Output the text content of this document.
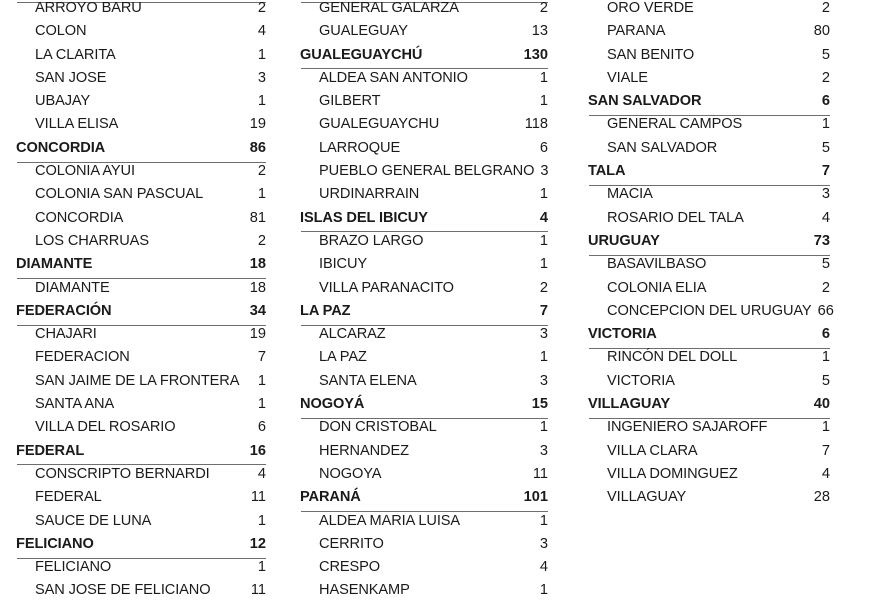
ARROYO BARU	2
COLON	4
LA CLARITA	1
SAN JOSE	3
UBAJAY	1
VILLA ELISA	19
CONCORDIA	86
COLONIA AYUI	2
COLONIA SAN PASCUAL	1
CONCORDIA	81
LOS CHARRUAS	2
DIAMANTE	18
DIAMANTE	18
FEDERACIÓN	34
CHAJARI	19
FEDERACION	7
SAN JAIME DE LA FRONTERA	1
SANTA ANA	1
VILLA DEL ROSARIO	6
FEDERAL	16
CONSCRIPTO BERNARDI	4
FEDERAL	11
SAUCE DE LUNA	1
FELICIANO	12
FELICIANO	1
SAN JOSE DE FELICIANO	11
GENERAL GALARZA	2
GUALEGUAY	13
GUALEGUAYCHÚ	130
ALDEA SAN ANTONIO	1
GILBERT	1
GUALEGUAYCHU	118
LARROQUE	6
PUEBLO GENERAL BELGRANO 3
URDINARRAIN	1
ISLAS DEL IBICUY	4
BRAZO LARGO	1
IBICUY	1
VILLA PARANACITO	2
LA PAZ	7
ALCARAZ	3
LA PAZ	1
SANTA ELENA	3
NOGOYÁ	15
DON CRISTOBAL	1
HERNANDEZ	3
NOGOYA	11
PARANÁ	101
ALDEA MARIA LUISA	1
CERRITO	3
CRESPO	4
HASENKAMP	1
ORO VERDE	2
PARANA	80
SAN BENITO	5
VIALE	2
SAN SALVADOR	6
GENERAL CAMPOS	1
SAN SALVADOR	5
TALA	7
MACIA	3
ROSARIO DEL TALA	4
URUGUAY	73
BASAVILBASO	5
COLONIA ELIA	2
CONCEPCION DEL URUGUAY 66
VICTORIA	6
RINCÓN DEL DOLL	1
VICTORIA	5
VILLAGUAY	40
INGENIERO SAJAROFF	1
VILLA CLARA	7
VILLA DOMINGUEZ	4
VILLAGUAY	28
